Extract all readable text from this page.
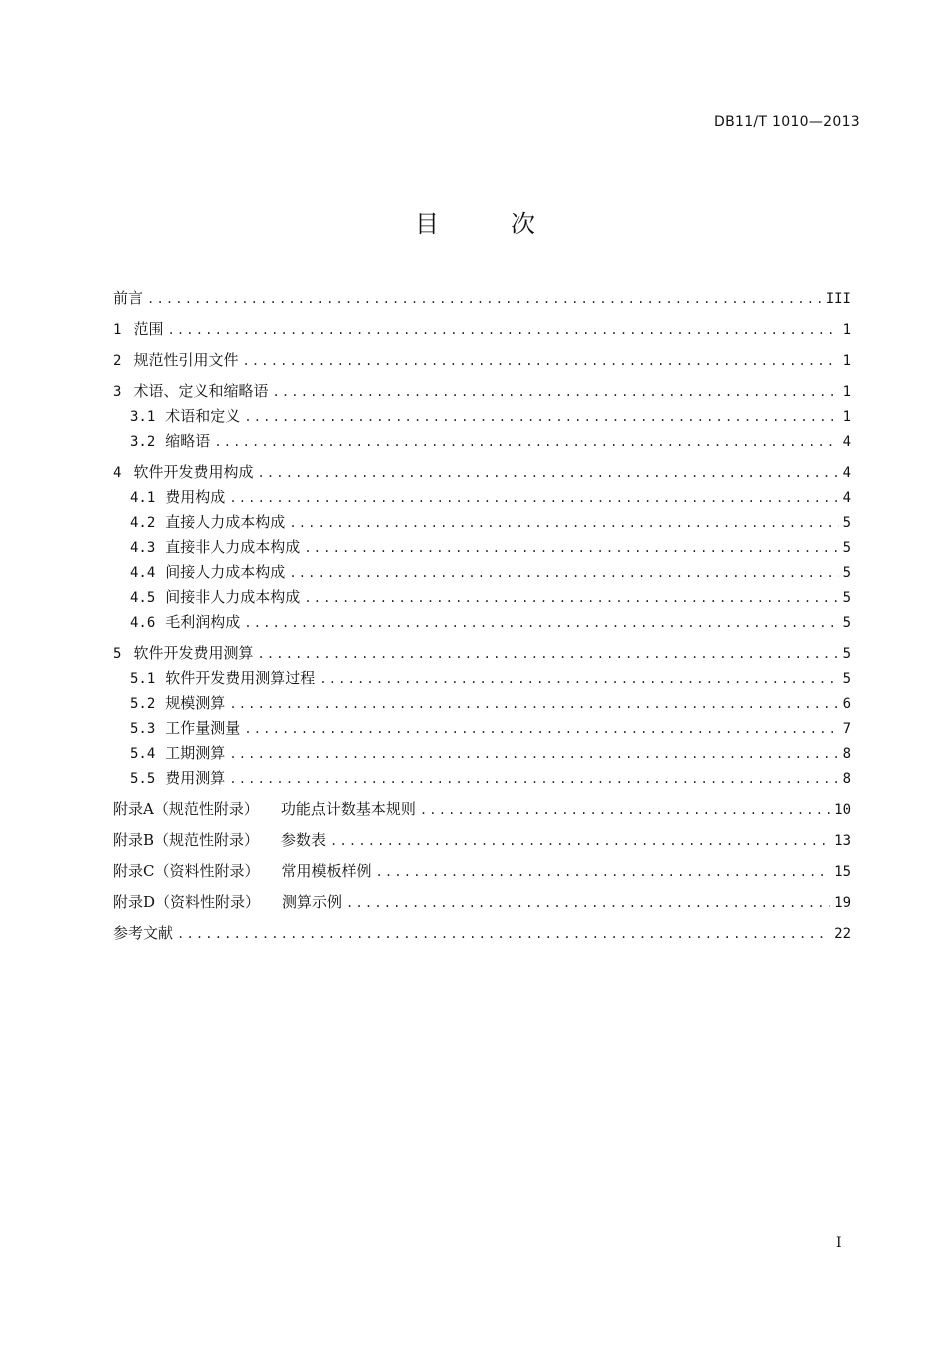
DB11/T 1010—2013
目　次
前言 .....	III
1 范围 .....	1
2 规范性引用文件 .....	1
3 术语、定义和缩略语 .....	1
3.1 术语和定义 .....	1
3.2 缩略语 .....	4
4 软件开发费用构成 .....	4
4.1 费用构成 .....	4
4.2 直接人力成本构成 .....	5
4.3 直接非人力成本构成 .....	5
4.4 间接人力成本构成 .....	5
4.5 间接非人力成本构成 .....	5
4.6 毛利润构成 .....	5
5 软件开发费用测算 .....	5
5.1 软件开发费用测算过程 .....	5
5.2 规模测算 .....	6
5.3 工作量测量 .....	7
5.4 工期测算 .....	8
5.5 费用测算 .....	8
附录A（规范性附录） 功能点计数基本规则 .....	10
附录B（规范性附录） 参数表 .....	13
附录C（资料性附录） 常用模板样例 .....	15
附录D（资料性附录） 测算示例 .....	19
参考文献 .....	22
I
